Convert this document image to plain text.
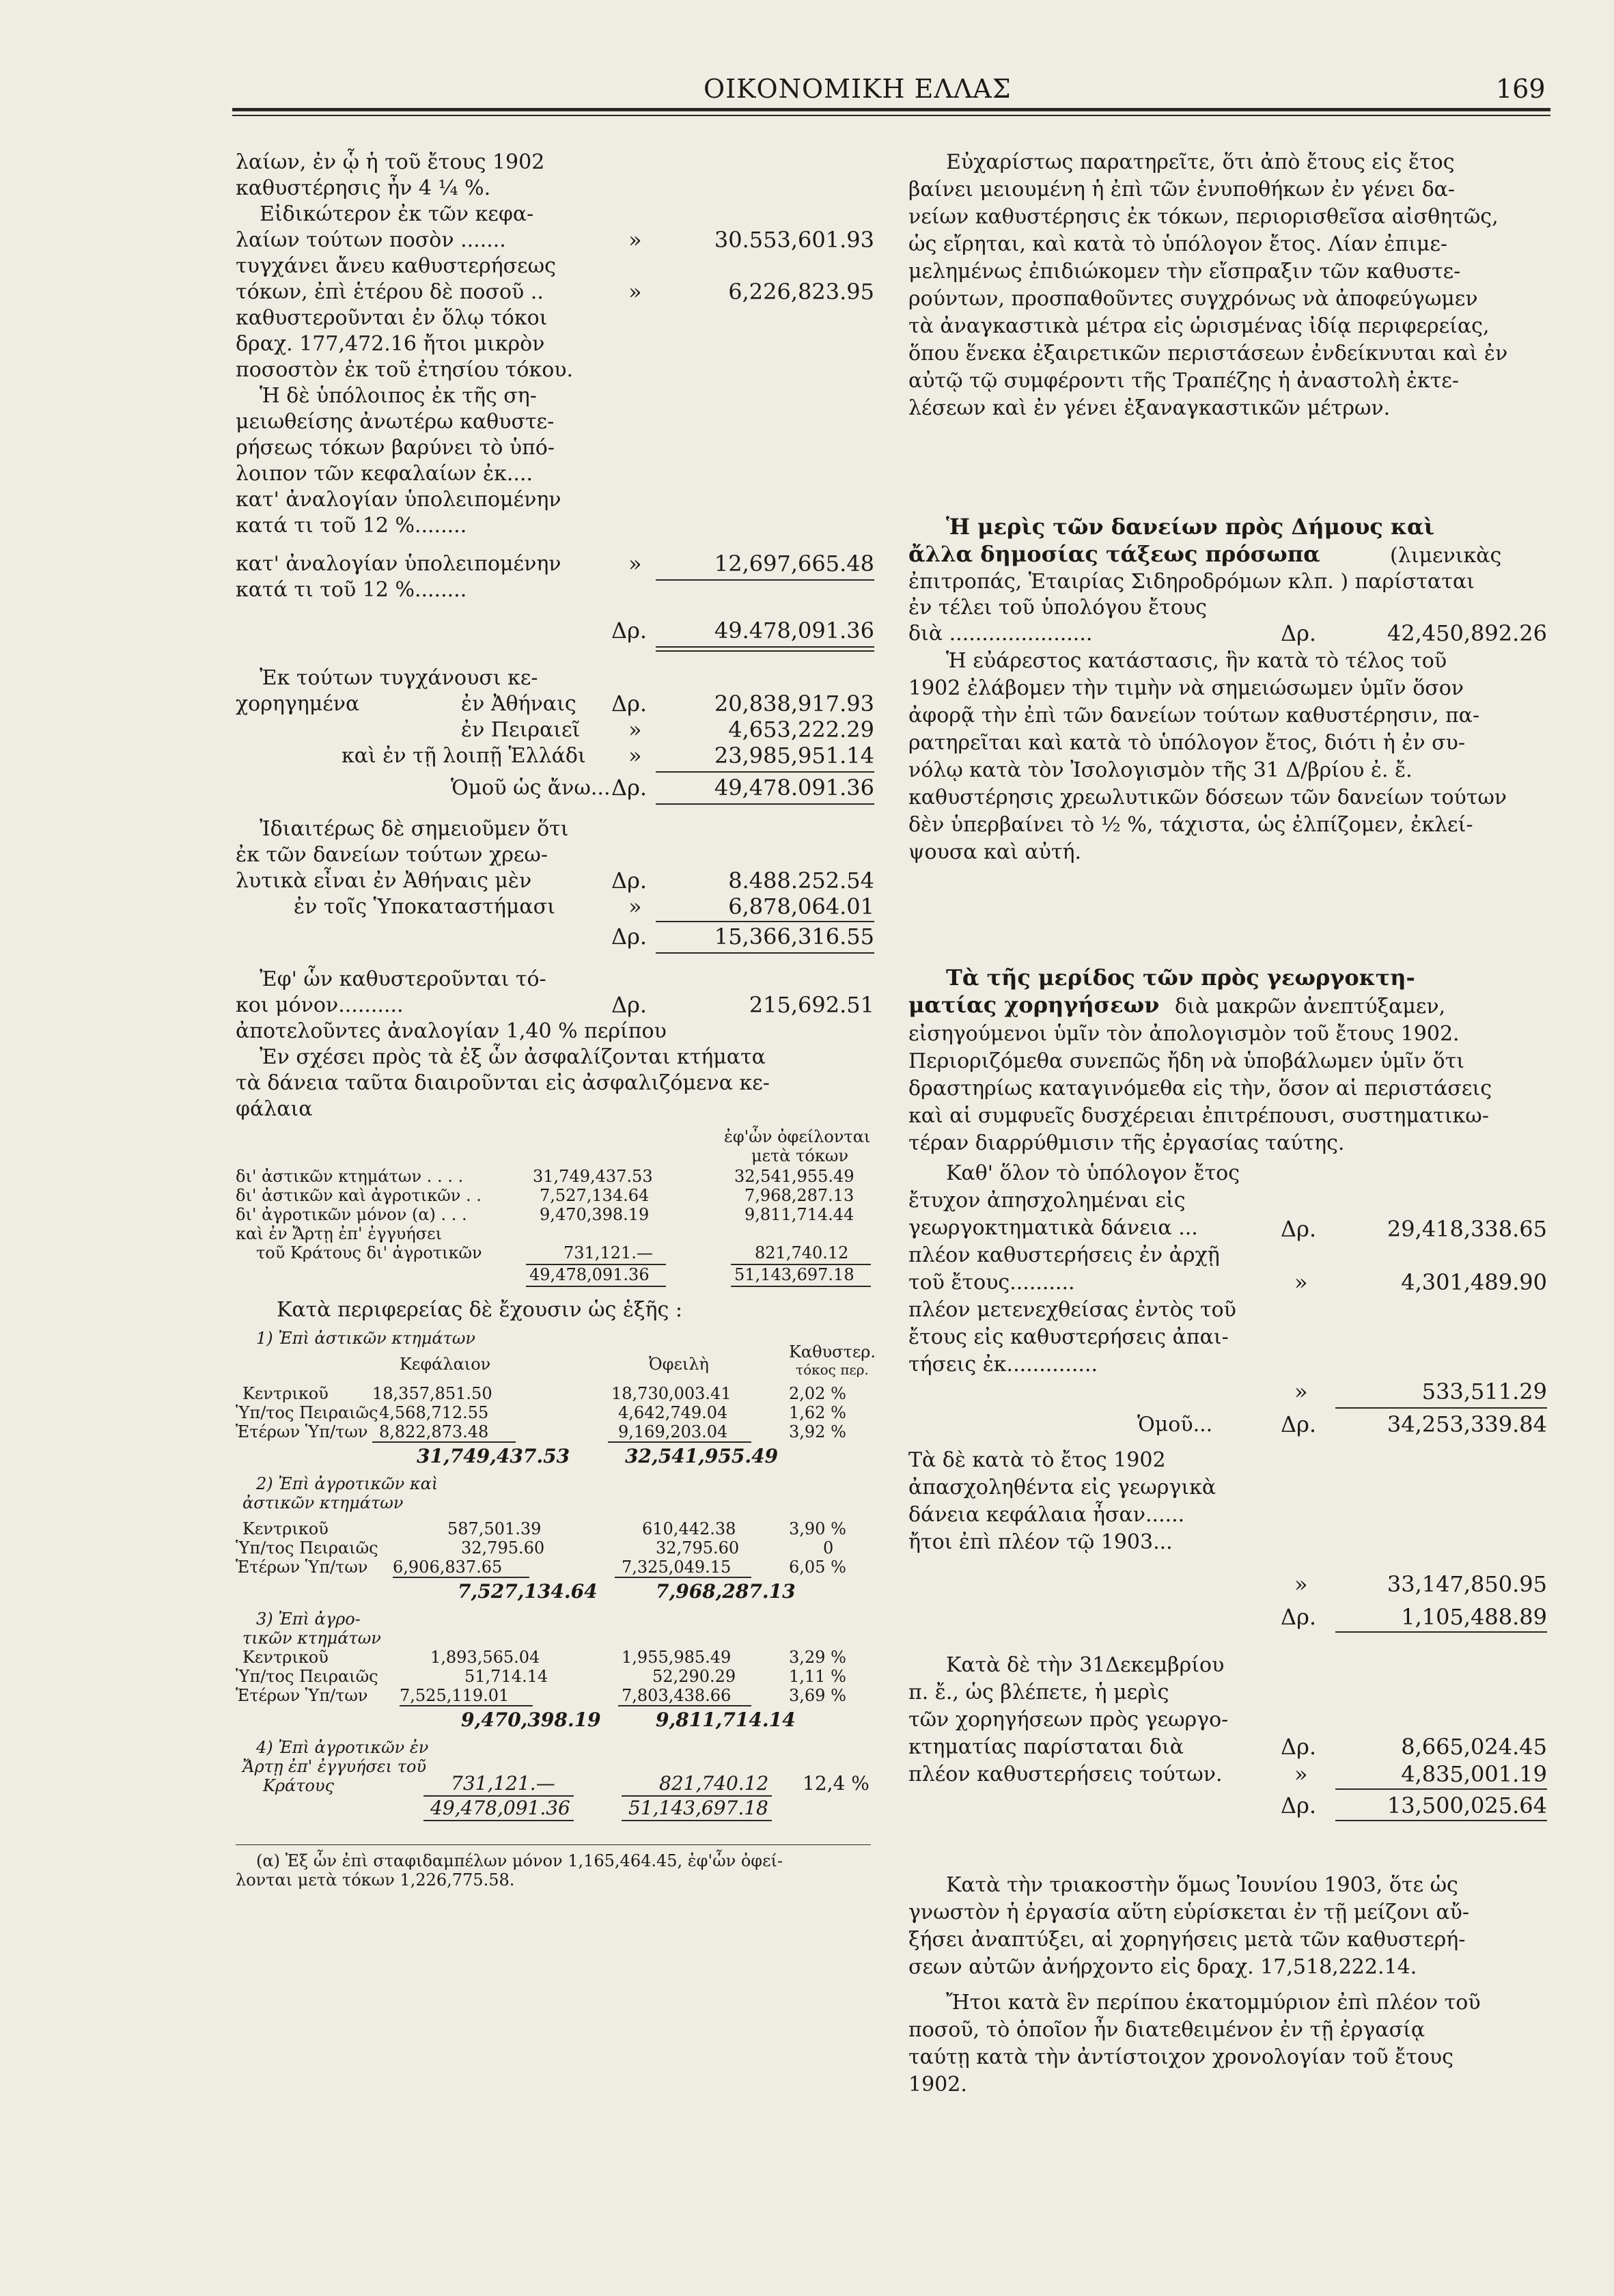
ΟΙΚΟΝΟΜΙΚΗ ΕΛΛΑΣ	169
λαίων, ἐν ᾧ ἡ τοῦ ἔτους 1902
καθυστέρησις ἦν 4 ¼ %.
Εἰδικώτερον ἐκ τῶν κεφα-
λαίων τούτων ποσὸν .......	»	30.553,601.93
τυγχάνει ἄνευ καθυστερήσεως
τόκων, ἐπὶ ἑτέρου δὲ ποσοῦ ..	»	6,226,823.95
καθυστεροῦνται ἐν ὅλῳ τόκοι
δραχ. 177,472.16 ἤτοι μικρὸν
ποσοστὸν ἐκ τοῦ ἐτησίου τόκου.
Ἡ δὲ ὑπόλοιπος ἐκ τῆς ση-
μειωθείσης ἀνωτέρω καθυστε-
ρήσεως τόκων βαρύνει τὸ ὑπό-
λοιπον τῶν κεφαλαίων ἐκ....
»	12,697,665.48
κατ' ἀναλογίαν ὑπολειπομένην
κατά τι τοῦ 12 %........
κατ' ἀναλογίαν ὑπολειπομένην
κατά τι τοῦ 12 %........
Δρ.	49.478,091.36
Ἐκ τούτων τυγχάνουσι κε-
χορηγημένα	ἐν Ἀθήναις Δρ.	20,838,917.93
ἐν Πειραιεῖ »	4,653,222.29
καὶ ἐν τῇ λοιπῇ Ἑλλάδι »	23,985,951.14
Ὁμοῦ ὡς ἄνω... Δρ.	49,478.091.36
Ἰδιαιτέρως δὲ σημειοῦμεν ὅτι
ἐκ τῶν δανείων τούτων χρεω-
λυτικὰ εἶναι ἐν Ἀθήναις μὲν	Δρ.	8.488.252.54
ἐν τοῖς Ὑποκαταστήμασι	»	6,878,064.01
Δρ.	15,366,316.55
Ἐφ' ὧν καθυστεροῦνται τό-
κοι μόνον..........	Δρ.	215,692.51
ἀποτελοῦντες ἀναλογίαν 1,40 % περίπου
Ἐν σχέσει πρὸς τὰ ἐξ ὧν ἀσφαλίζονται κτήματα
τὰ δάνεια ταῦτα διαιροῦνται εἰς ἀσφαλιζόμενα κε-
φάλαια
ἐφ'ὧν ὀφείλονται
μετὰ τόκων
δι' ἀστικῶν κτημάτων . . . .	31,749,437.53	32,541,955.49
δι' ἀστικῶν καὶ ἀγροτικῶν . .	7,527,134.64	7,968,287.13
δι' ἀγροτικῶν μόνον (α) . . .	9,470,398.19	9,811,714.44
καὶ ἐν Ἄρτῃ ἐπ' ἐγγυήσει
τοῦ Κράτους δι' ἀγροτικῶν	731,121.—	821,740.12
49,478,091.36	51,143,697.18
Κατὰ περιφερείας δὲ ἔχουσιν ὡς ἑξῆς :
1) Ἐπὶ ἀστικῶν κτημάτων
Κεφάλαιον	Ὀφειλὴ
Καθυστερ.
τόκος περ.
Κεντρικοῦ	18,357,851.50	18,730,003.41	2,02 %
Ὑπ/τος Πειραιῶς 4,568,712.55	4,642,749.04	1,62 %
Ἑτέρων Ὑπ/των 8,822,873.48	9,169,203.04	3,92 %
31,749,437.53	32,541,955.49
2) Ἐπὶ ἀγροτικῶν καὶ
ἀστικῶν κτημάτων
Κεντρικοῦ	587,501.39	610,442.38	3,90 %
Ὑπ/τος Πειραιῶς	32,795.60	32,795.60	0
Ἑτέρων Ὑπ/των 6,906,837.65	7,325,049.15	6,05 %
7,527,134.64	7,968,287.13
3) Ἐπὶ ἀγρο-
τικῶν κτημάτων
Κεντρικοῦ	1,893,565.04	1,955,985.49	3,29 %
Ὑπ/τος Πειραιῶς	51,714.14	52,290.29	1,11 %
Ἑτέρων Ὑπ/των 7,525,119.01	7,803,438.66	3,69 %
9,470,398.19	9,811,714.14
4) Ἐπὶ ἀγροτικῶν ἐν
Ἄρτῃ ἐπ' ἐγγυήσει τοῦ
Κράτους	731,121.—	821,740.12 12,4 %
49,478,091.36	51,143,697.18
(α) Ἐξ ὧν ἐπὶ σταφιδαμπέλων μόνον 1,165,464.45, ἐφ'ὧν ὀφεί-
λονται μετὰ τόκων 1,226,775.58.

Εὐχαρίστως παρατηρεῖτε, ὅτι ἀπὸ ἔτους εἰς ἔτος

βαίνει μειουμένη ἡ ἐπὶ τῶν ἐνυποθήκων ἐν γένει δα-

νείων καθυστέρησις ἐκ τόκων, περιορισθεῖσα αἰσθητῶς,

ὡς εἴρηται, καὶ κατὰ τὸ ὑπόλογον ἔτος. Λίαν ἐπιμε-

μελημένως ἐπιδιώκομεν τὴν εἴσπραξιν τῶν καθυστε-

ρούντων, προσπαθοῦντες συγχρόνως νὰ ἀποφεύγωμεν

τὰ ἀναγκαστικὰ μέτρα εἰς ὡρισμένας ἰδίᾳ περιφερείας,

ὅπου ἕνεκα ἐξαιρετικῶν περιστάσεων ἐνδείκνυται καὶ ἐν

αὐτῷ τῷ συμφέροντι τῆς Τραπέζης ἡ ἀναστολὴ ἐκτε-

λέσεων καὶ ἐν γένει ἐξαναγκαστικῶν μέτρων.

Ἡ μερὶς τῶν δανείων πρὸς Δήμους καὶ
ἄλλα δημοσίας τάξεως πρόσωπα	(λιμενικὰς
ἐπιτροπάς, Ἑταιρίας Σιδηροδρόμων κλπ. ) παρίσταται
ἐν τέλει τοῦ ὑπολόγου ἔτους
διὰ ......................	Δρ.	42,450,892.26

Ἡ εὐάρεστος κατάστασις, ἣν κατὰ τὸ τέλος τοῦ

1902 ἐλάβομεν τὴν τιμὴν νὰ σημειώσωμεν ὑμῖν ὅσον

ἀφορᾷ τὴν ἐπὶ τῶν δανείων τούτων καθυστέρησιν, πα-

ρατηρεῖται καὶ κατὰ τὸ ὑπόλογον ἔτος, διότι ἡ ἐν συ-

νόλῳ κατὰ τὸν Ἰσολογισμὸν τῆς 31 Δ/βρίου ἐ. ἔ.

καθυστέρησις χρεωλυτικῶν δόσεων τῶν δανείων τούτων

δὲν ὑπερβαίνει τὸ ½ %, τάχιστα, ὡς ἐλπίζομεν, ἐκλεί-

ψουσα καὶ αὐτή.

Τὰ τῆς μερίδος τῶν πρὸς γεωργοκτη-
ματίας χορηγήσεων διὰ μακρῶν ἀνεπτύξαμεν,

εἰσηγούμενοι ὑμῖν τὸν ἀπολογισμὸν τοῦ ἔτους 1902.

Περιοριζόμεθα συνεπῶς ἤδη νὰ ὑποβάλωμεν ὑμῖν ὅτι

δραστηρίως καταγινόμεθα εἰς τὴν, ὅσον αἱ περιστάσεις

καὶ αἱ συμφυεῖς δυσχέρειαι ἐπιτρέπουσι, συστηματικω-

τέραν διαρρύθμισιν τῆς ἐργασίας ταύτης.

Καθ' ὅλον τὸ ὑπόλογον ἔτος
ἔτυχον ἀπησχολημέναι εἰς
γεωργοκτηματικὰ δάνεια ...	Δρ.	29,418,338.65
πλέον καθυστερήσεις ἐν ἀρχῇ
τοῦ ἔτους..........	»	4,301,489.90
πλέον μετενεχθείσας ἐντὸς τοῦ
ἔτους εἰς καθυστερήσεις ἀπαι-
τήσεις ἐκ..............
»	533,511.29
Ὁμοῦ...	Δρ.	34,253,339.84
Τὰ δὲ κατὰ τὸ ἔτος 1902
ἀπασχοληθέντα εἰς γεωργικὰ
δάνεια κεφάλαια ἦσαν......
»	33,147,850.95
ἤτοι ἐπὶ πλέον τῷ 1903...
Δρ.	1,105,488.89
Κατὰ δὲ τὴν 31Δεκεμβρίου
π. ἔ., ὡς βλέπετε, ἡ μερὶς
τῶν χορηγήσεων πρὸς γεωργο-
κτηματίας παρίσταται διὰ	Δρ.	8,665,024.45
πλέον καθυστερήσεις τούτων.	»	4,835,001.19
Δρ.	13,500,025.64

Κατὰ τὴν τριακοστὴν ὅμως Ἰουνίου 1903, ὅτε ὡς

γνωστὸν ἡ ἐργασία αὕτη εὑρίσκεται ἐν τῇ μείζονι αὔ-

ξήσει ἀναπτύξει, αἱ χορηγήσεις μετὰ τῶν καθυστερή-

σεων αὐτῶν ἀνήρχοντο εἰς δραχ. 17,518,222.14.

Ἤτοι κατὰ ἓν περίπου ἑκατομμύριον ἐπὶ πλέον τοῦ

ποσοῦ, τὸ ὁποῖον ἦν διατεθειμένον ἐν τῇ ἐργασίᾳ

ταύτῃ κατὰ τὴν ἀντίστοιχον χρονολογίαν τοῦ ἔτους

1902.
